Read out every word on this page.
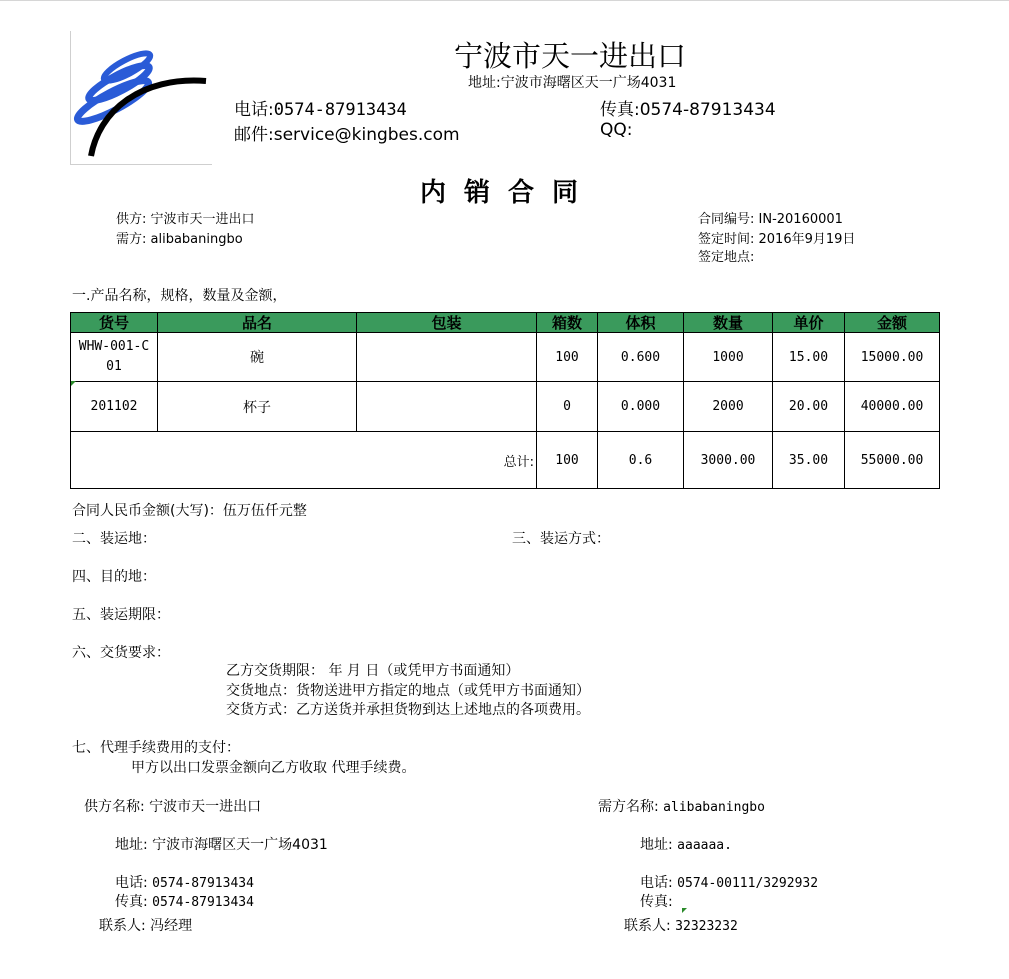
宁波市天一进出口
地址:宁波市海曙区天一广场4031
电话:0574-87913434	传真:0574-87913434
邮件:service@kingbes.com	QQ:
内销合同
供方: 宁波市天一进出口
需方: alibabaningbo
合同编号: IN-20160001
签定时间: 2016年9月19日
签定地点:
一.产品名称，规格，数量及金额，
货号	品名	包装	箱数	体积	数量	单价	金额
WHW-001-C01	碗		100	0.600	1000	15.00	15000.00
201102	杯子		0	0.000	2000	20.00	40000.00
总计:			100	0.6	3000.00	35.00	55000.00
合同人民币金额(大写)：伍万伍仟元整
二、装运地：	三、装运方式：
四、目的地：
五、装运期限：
六、交货要求：
乙方交货期限： 年 月 日（或凭甲方书面通知）
交货地点：货物送进甲方指定的地点（或凭甲方书面通知）
交货方式：乙方送货并承担货物到达上述地点的各项费用。
七、代理手续费用的支付：
甲方以出口发票金额向乙方收取 代理手续费。
供方名称: 宁波市天一进出口
地址: 宁波市海曙区天一广场4031
电话: 0574-87913434
传真: 0574-87913434
联系人: 冯经理
需方名称: alibabaningbo
地址: aaaaaa.
电话: 0574-00111/3292932
传真:
联系人: 32323232
